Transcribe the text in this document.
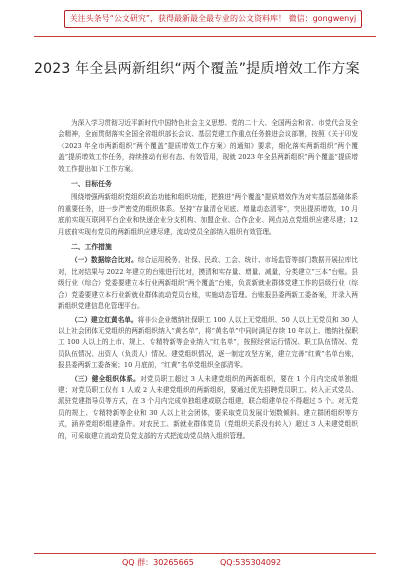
关注头条号“公文研究”，获得最新最全最专业的公文资料库！ 微信：gongwenyj
2023 年全县两新组织“两个覆盖”提质增效工作方案

为深入学习贯彻习近平新时代中国特色社会主义思想、党的二十大、全国两会和省、市党代会及全会精神，全面贯彻落实全国全省组织部长会议、基层党建工作重点任务推进会议部署，按照《关于印发〈2023 年全市两新组织“两个覆盖”提质增效工作方案〉的通知》要求，细化落实两新组织“两个覆盖”提质增效工作任务，持续推动有形有态、有效管用，现就 2023 年全县两新组织“两个覆盖”提质增效工作提出如下工作方案。

一、目标任务

围绕增强两新组织党组织政治功能和组织功能，把推进“两个覆盖”提质增效作为对实基层基础体系的重要任务，进一步严密党的组织体系。坚持“存量清仓见底、增量动态清零”，突出提质增效，10 月底前实现互联网平台企业和快递企业分支机构、加盟企业、合作企业、网点站点党组织应建尽建；12 月底前实现有党员的两新组织应建尽建，流动党员全部纳入组织有效管理。

二、工作措施

（一）数据综合比对。综合运用税务、社保、民政、工会、统计、市场监管等部门数据开展拉库比对，比对结果与 2022 年建立的台账进行比对，摸清和实存量、增量、减量，分类建立“三本”台账。县级行业（综合）党委要建立本行业两新组织“两个覆盖”台账，负责新就业群体党建工作的县级行业（综合）党委要建立本行业新就业群体流动党员台账，实施动态管理。台账报县委两新工委备案，并录入两新组织党建信息化管理平台。

（二）建立红黄名单。将非公企业缴纳社保职工 100 人以上无党组织、50 人以上无党员和 30 人以上社会团体无党组织的两新组织纳入“黄名单”，将“黄名单”中同时满足存续 10 年以上、缴纳社保职工 100 人以上的上市、规上、专精特新等企业纳入“红名单”，按照经营运行情况、职工队伍情况、党员队伍情况、出资人（负责人）情况、建党组织情况，逐一制定攻坚方案，建立完善“红黄”名单台账，报县委两新工委备案；10 月底前，“红黄”名单党组织全部清零。

（三）健全组织体系。对党员职工超过 3 人未建党组织的两新组织，要在 1 个月内完成单独组建；对党员职工仅有 1 人或 2 人未建党组织的两新组织，要通过优先招聘党员职工、转入正式党员、派驻党建指导员等方式，在 3 个月内完成单独组建或联合组建，联合组建单位不得超过 5 个。对无党员的规上、专精特新等企业和 30 人以上社会团体，要采取党员发展计划数倾斜、建立群团组织等方式，涵养党组织组建条件。对农民工、新就业群体党员（党组织关系没有转入）超过 3 人未建党组织的，可采取建立流动党员党支部的方式把流动党员纳入组织管理。

QQ 群：30265665	QQ:535304092
